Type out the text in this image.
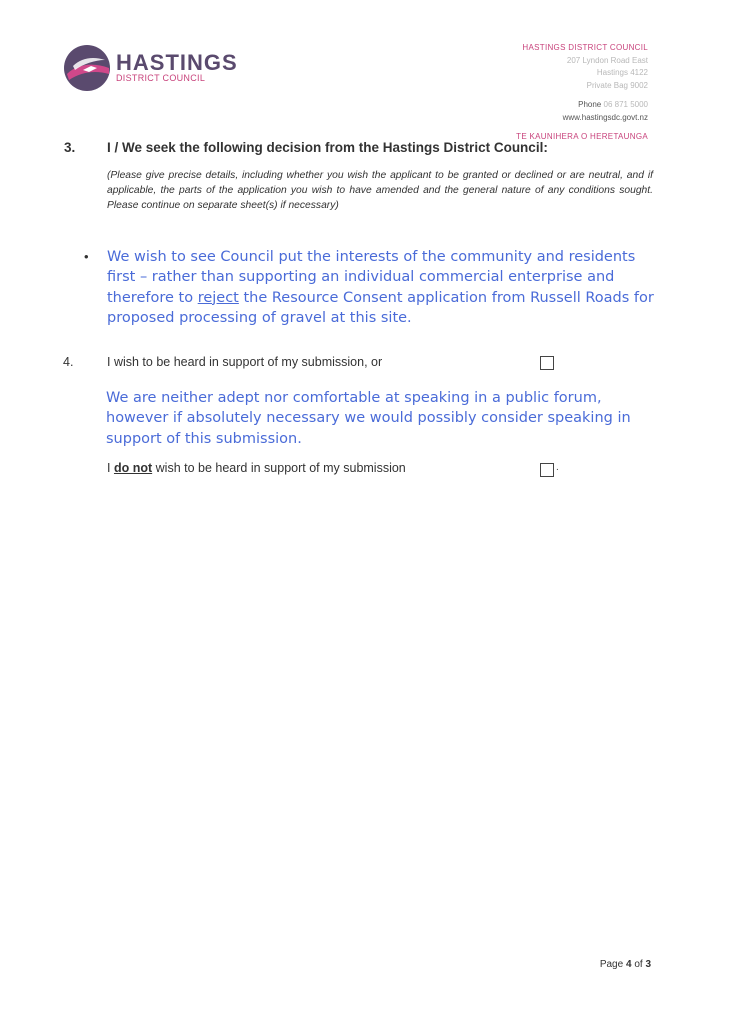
HASTINGS
DISTRICT COUNCIL
HASTINGS DISTRICT COUNCIL
207 Lyndon Road East
Hastings 4122
Private Bag 9002
Phone 06 871 5000
www.hastingsdc.govt.nz
TE KAUNIHERA O HERETAUNGA
3. I / We seek the following decision from the Hastings District Council:
(Please give precise details, including whether you wish the applicant to be granted or declined or are neutral, and if applicable, the parts of the application you wish to have amended and the general nature of any conditions sought. Please continue on separate sheet(s) if necessary)
• We wish to see Council put the interests of the community and residents first – rather than supporting an individual commercial enterprise and therefore to reject the Resource Consent application from Russell Roads for proposed processing of gravel at this site.
4.	I wish to be heard in support of my submission, or
We are neither adept nor comfortable at speaking in a public forum, however if absolutely necessary we would possibly consider speaking in support of this submission.
I do not wish to be heard in support of my submission	.
Page 4 of 3
